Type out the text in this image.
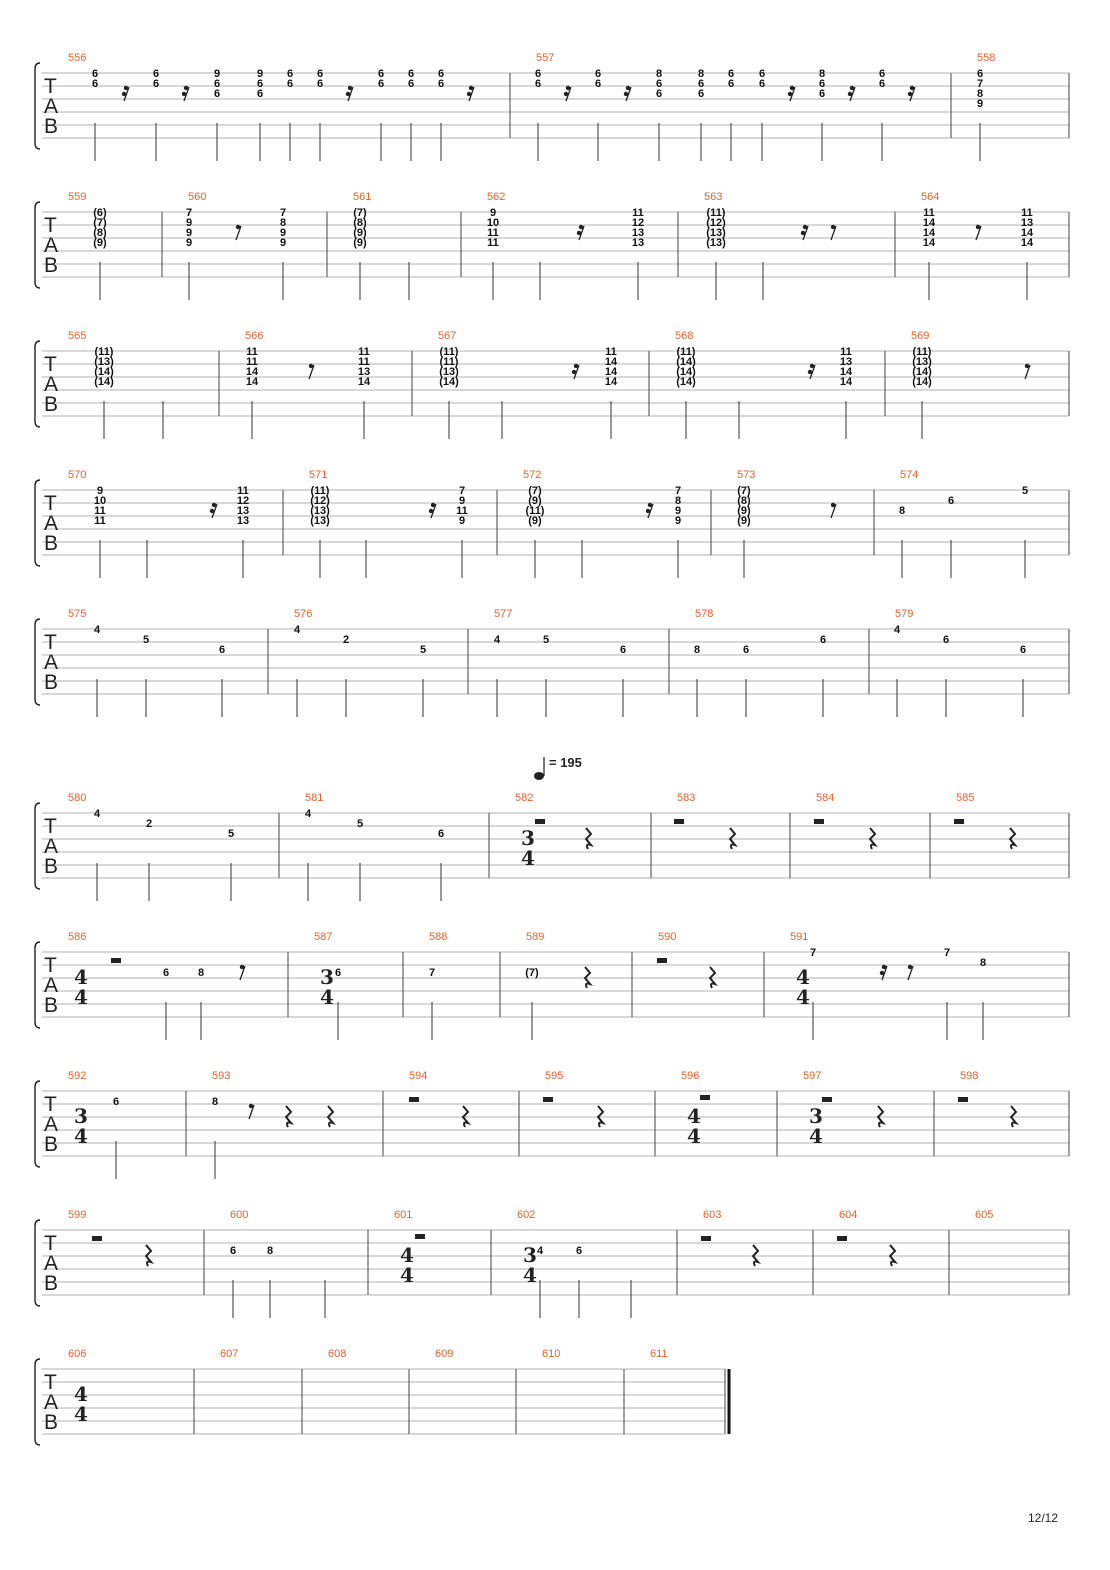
T
A
B
556
6
6
6
6
9
6
6
9
6
6
6
6
6
6
6
6
6
6
6
6
557
6
6
6
6
8
6
6
8
6
6
6
6
6
6
8
6
6
6
6
558
6
7
8
9
T
A
B
559
(6)
(7)
(8)
(9)
560
7
9
9
9
7
8
9
9
561
(7)
(8)
(9)
(9)
562
9
10
11
11
11
12
13
13
563
(11)
(12)
(13)
(13)
564
11
14
14
14
11
13
14
14
T
A
B
565
(11)
(13)
(14)
(14)
566
11
11
14
14
11
11
13
14
567
(11)
(11)
(13)
(14)
11
14
14
14
568
(11)
(14)
(14)
(14)
11
13
14
14
569
(11)
(13)
(14)
(14)
T
A
B
570
9
10
11
11
11
12
13
13
571
(11)
(12)
(13)
(13)
7
9
11
9
572
(7)
(9)
(11)
(9)
7
8
9
9
573
(7)
(8)
(9)
(9)
574
8
6
5
T
A
B
575
4
5
6
576
4
2
5
577
4	5
6
578
8	6
6
579
4
6
6
T
A
B
580
4
2
5
581
4
5
6
582
3
4
583	584	585
T
A
B
586
4
4
6	8
587
3
4
6
588
7
589
(7)
590	591
4
4
7	7
8
T
A
B
592
3
4
6
593
8
594	595	596
4
4
597
3
4
598
T
A
B
599	600
6	8
601
4
4
602
3
4
4	6
603	604	605
T
A
B
606
4
4
607	608	609	610	611
= 195
12/12
